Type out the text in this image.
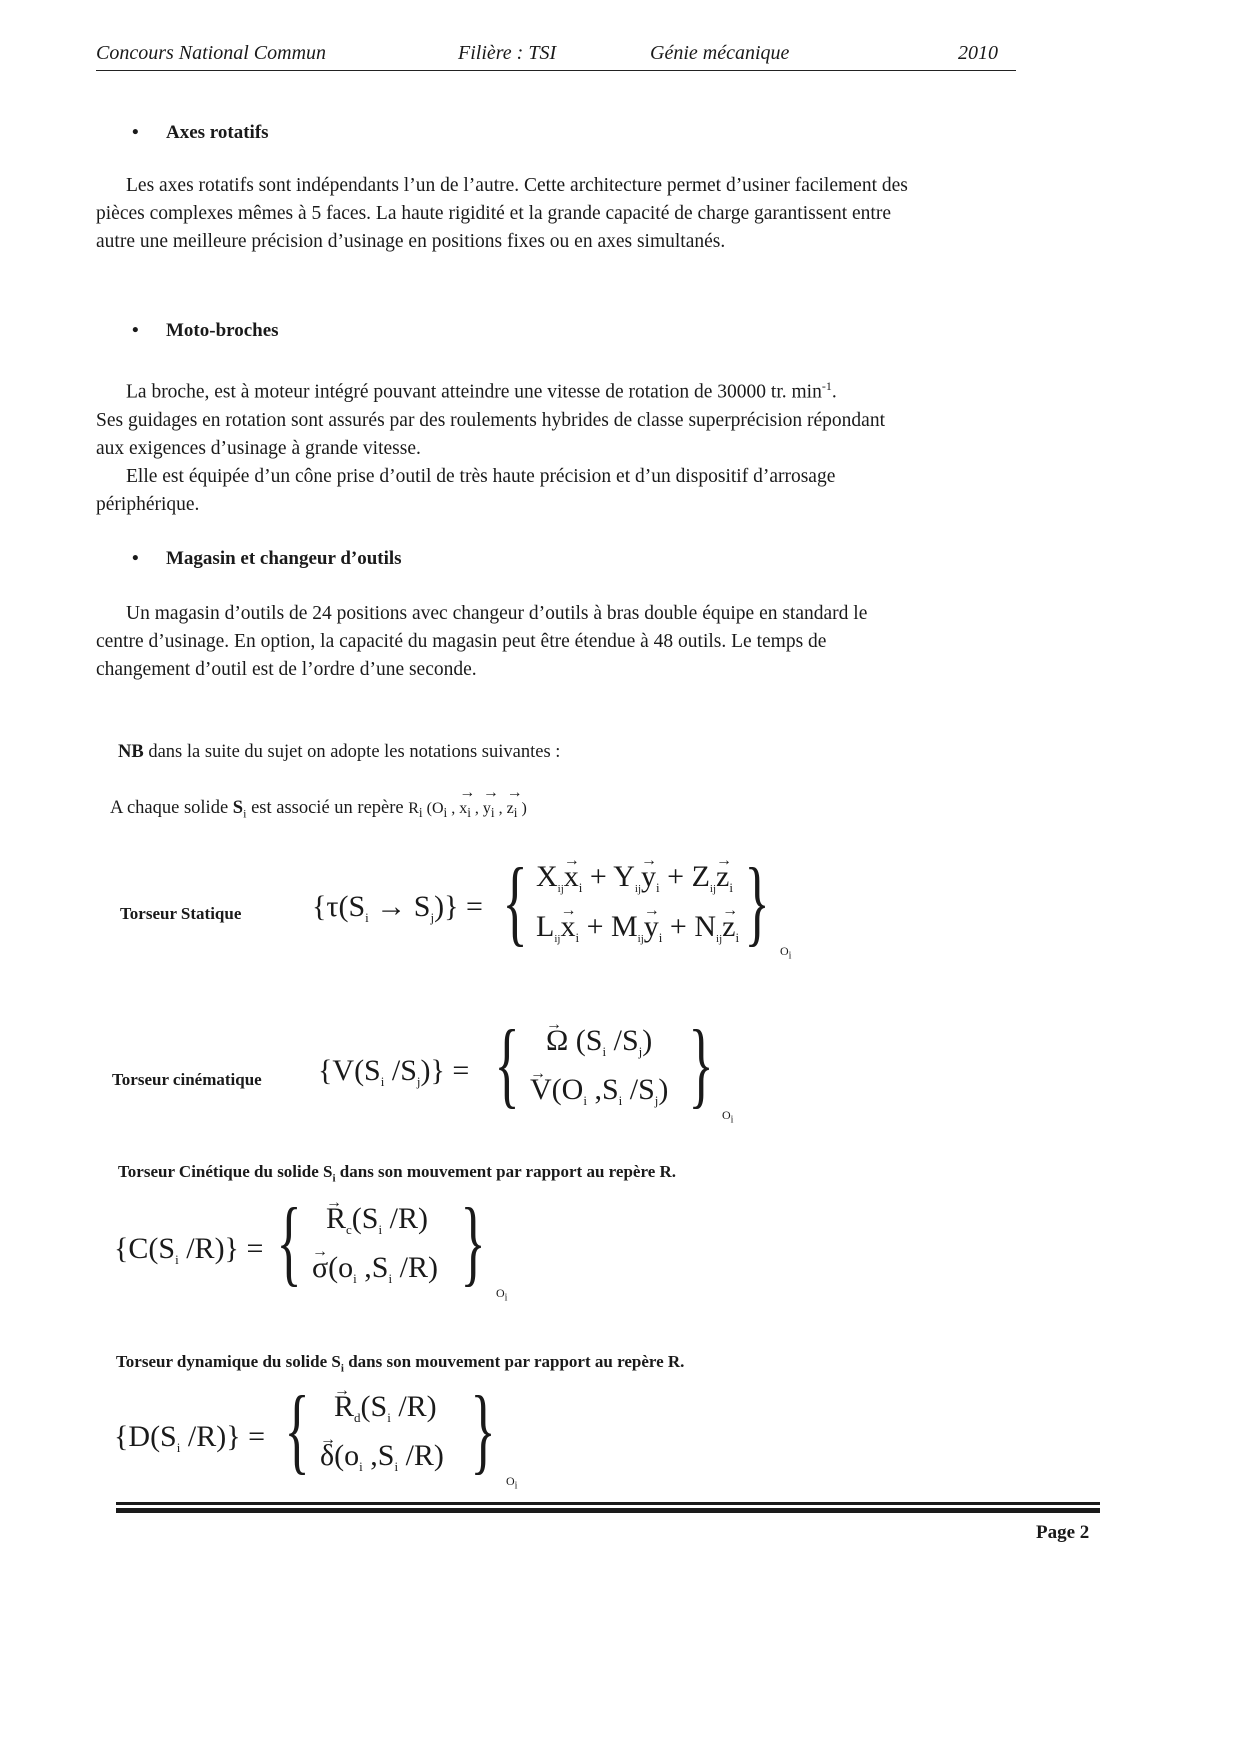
Concours National Commun	Filière : TSI	Génie mécanique	2010
• Axes rotatifs

Les axes rotatifs sont indépendants l’un de l’autre. Cette architecture permet d’usiner facilement des

pièces complexes mêmes à 5 faces. La haute rigidité et la grande capacité de charge garantissent entre

autre une meilleure précision d’usinage en positions fixes ou en axes simultanés.

• Moto-broches

La broche, est à moteur intégré pouvant atteindre une vitesse de rotation de 30000 tr. $\min^{-1}$.

Ses guidages en rotation sont assurés par des roulements hybrides de classe superprécision répondant

aux exigences d’usinage à grande vitesse.

Elle est équipée d’un cône prise d’outil de très haute précision et d’un dispositif d’arrosage

périphérique.

• Magasin et changeur d’outils

Un magasin d’outils de 24 positions avec changeur d’outils à bras double équipe en standard le

centre d’usinage. En option, la capacité du magasin peut être étendue à 48 outils. Le temps de

changement d’outil est de l’ordre d’une seconde.

NB dans la suite du sujet on adopte les notations suivantes :
A chaque solide $S_i$ est associé un repère $R_i$ ($O_i$ , → $x_i$ , → $y_i$ , → $z_i$ )
Torseur Statique $\{\tau(S_i \to S_j)\}$ = { $X_{ij}\to x_i + Y_{ij}\to y_i + Z_{ij}\to z_i$
$L_{ij}\to x_i + M_{ij}\to y_i + N_{ij}\to z_i$ } $O_i$
Torseur cinématique {$V(S_i$ $/S_j$)} = { → Ω ($S_i$ $/S_j$)
→ $V(O_i$ $,S_i$ $/S_j$) } $O_i$
Torseur Cinétique du solide $S_i$ dans son mouvement par rapport au repère R.
{$C(S_i$ /R)} = { → $R_c(S_i$ /R)
→ $\sigma(o_i$ $,S_i$ /R) } $O_i$
Torseur dynamique du solide $S_i$ dans son mouvement par rapport au repère R.
{$D(S_i$ /R)} = { → $R_d(S_i$ /R)
→ $\delta(o_i$ $,S_i$ /R) } $O_i$
Page 2
